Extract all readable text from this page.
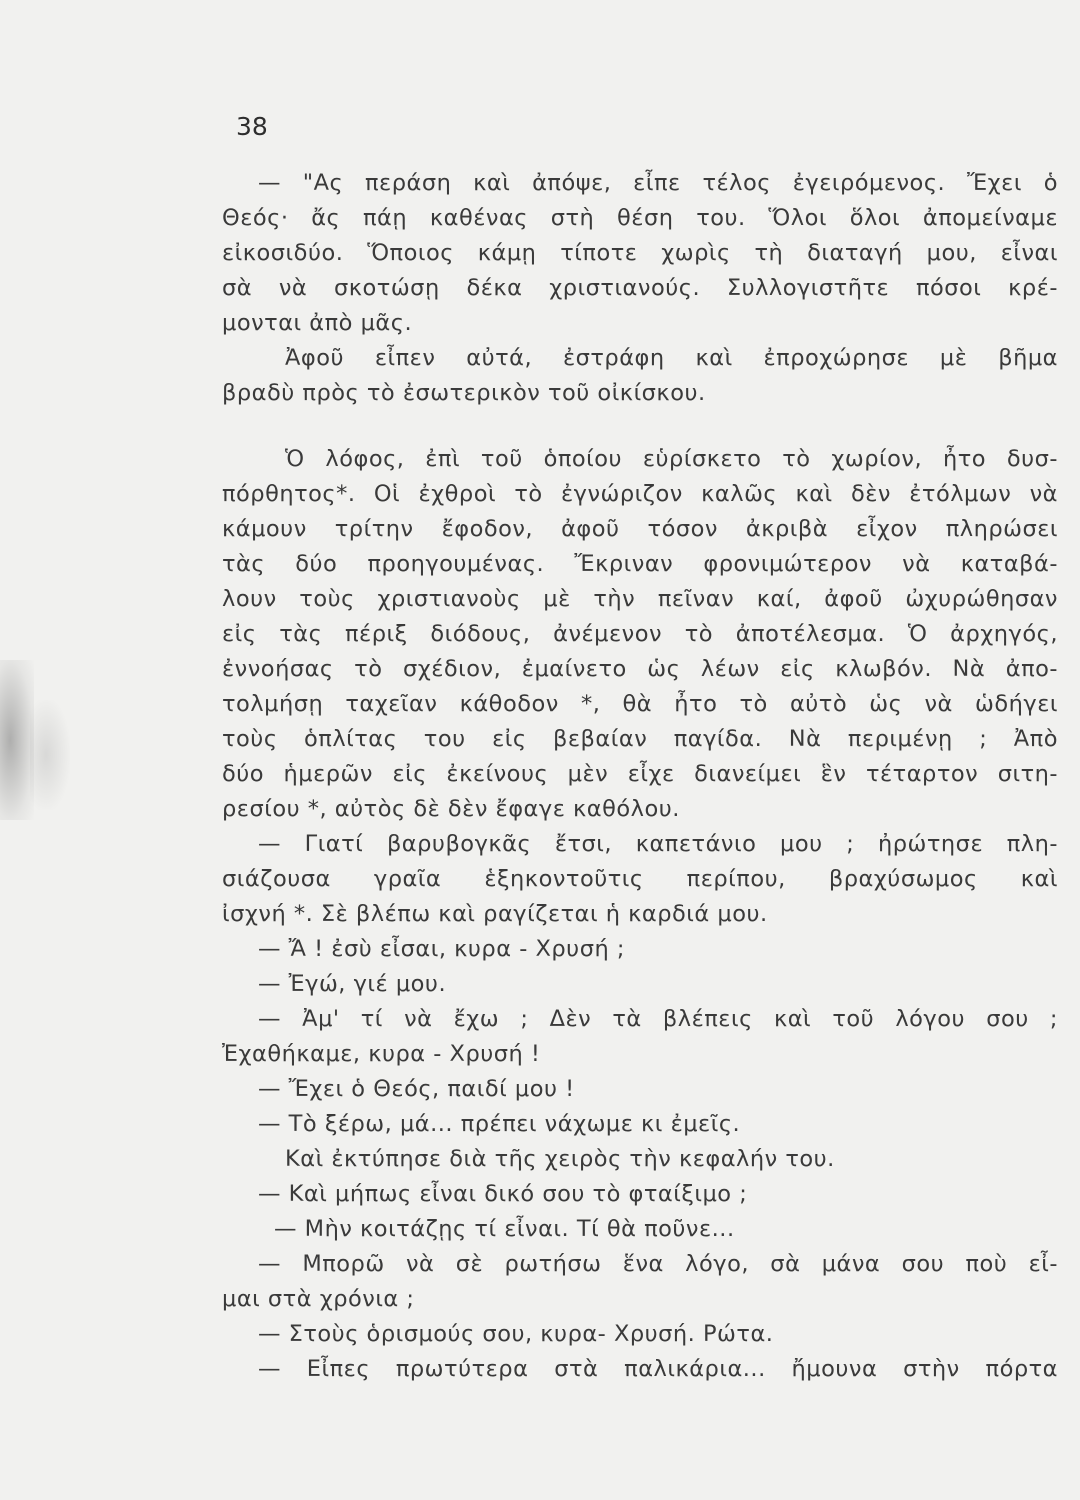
38
— "Ας περάση καὶ ἀπόψε, εἶπε τέλος ἐγειρόμενος. Ἔχει ὁ
Θεός· ἄς πάῃ καθένας στὴ θέση του. Ὅλοι ὅλοι ἀπομείναμε
εἰκοσιδύο. Ὅποιος κάμῃ τίποτε χωρὶς τὴ διαταγή μου, εἶναι
σὰ νὰ σκοτώσῃ δέκα χριστιανούς. Συλλογιστῆτε πόσοι κρέ-
μονται ἀπὸ μᾶς.
Ἀφοῦ εἶπεν αὐτά, ἐστράφη καὶ ἐπροχώρησε μὲ βῆμα
βραδὺ πρὸς τὸ ἐσωτερικὸν τοῦ οἰκίσκου.
Ὁ λόφος, ἐπὶ τοῦ ὁποίου εὑρίσκετο τὸ χωρίον, ἦτο δυσ-
πόρθητος*. Οἱ ἐχθροὶ τὸ ἐγνώριζον καλῶς καὶ δὲν ἐτόλμων νὰ
κάμουν τρίτην ἔφοδον, ἀφοῦ τόσον ἀκριβὰ εἶχον πληρώσει
τὰς δύο προηγουμένας. Ἔκριναν φρονιμώτερον νὰ καταβά-
λουν τοὺς χριστιανοὺς μὲ τὴν πεῖναν καί, ἀφοῦ ὠχυρώθησαν
εἰς τὰς πέριξ διόδους, ἀνέμενον τὸ ἀποτέλεσμα. Ὁ ἀρχηγός,
ἐννοήσας τὸ σχέδιον, ἐμαίνετο ὡς λέων εἰς κλωβόν. Νὰ ἀπο-
τολμήσῃ ταχεῖαν κάθοδον *, θὰ ἦτο τὸ αὐτὸ ὡς νὰ ὡδήγει
τοὺς ὁπλίτας του εἰς βεβαίαν παγίδα. Νὰ περιμένῃ ; Ἀπὸ
δύο ἡμερῶν εἰς ἐκείνους μὲν εἶχε διανείμει ἓν τέταρτον σιτη-
ρεσίου *, αὐτὸς δὲ δὲν ἔφαγε καθόλου.
— Γιατί βαρυβογκᾶς ἔτσι, καπετάνιο μου ; ἠρώτησε πλη-
σιάζουσα γραῖα ἑξηκοντοῦτις περίπου, βραχύσωμος καὶ
ἰσχνή *. Σὲ βλέπω καὶ ραγίζεται ἡ καρδιά μου.
— Ἄ ! ἐσὺ εἶσαι, κυρα - Χρυσή ;
— Ἐγώ, γιέ μου.
— Ἀμ' τί νὰ ἔχω ; Δὲν τὰ βλέπεις καὶ τοῦ λόγου σου ;
Ἐχαθήκαμε, κυρα - Χρυσή !
— Ἔχει ὁ Θεός, παιδί μου !
— Τὸ ξέρω, μά... πρέπει νάχωμε κι ἐμεῖς.
Καὶ ἐκτύπησε διὰ τῆς χειρὸς τὴν κεφαλήν του.
— Καὶ μήπως εἶναι δικό σου τὸ φταίξιμο ;
— Μὴν κοιτάζῃς τί εἶναι. Τί θὰ ποῦνε...
— Μπορῶ νὰ σὲ ρωτήσω ἕνα λόγο, σὰ μάνα σου ποὺ εἶ-
μαι στὰ χρόνια ;
— Στοὺς ὁρισμούς σου, κυρα- Χρυσή. Ρώτα.
— Εἶπες πρωτύτερα στὰ παλικάρια... ἤμουνα στὴν πόρτα
